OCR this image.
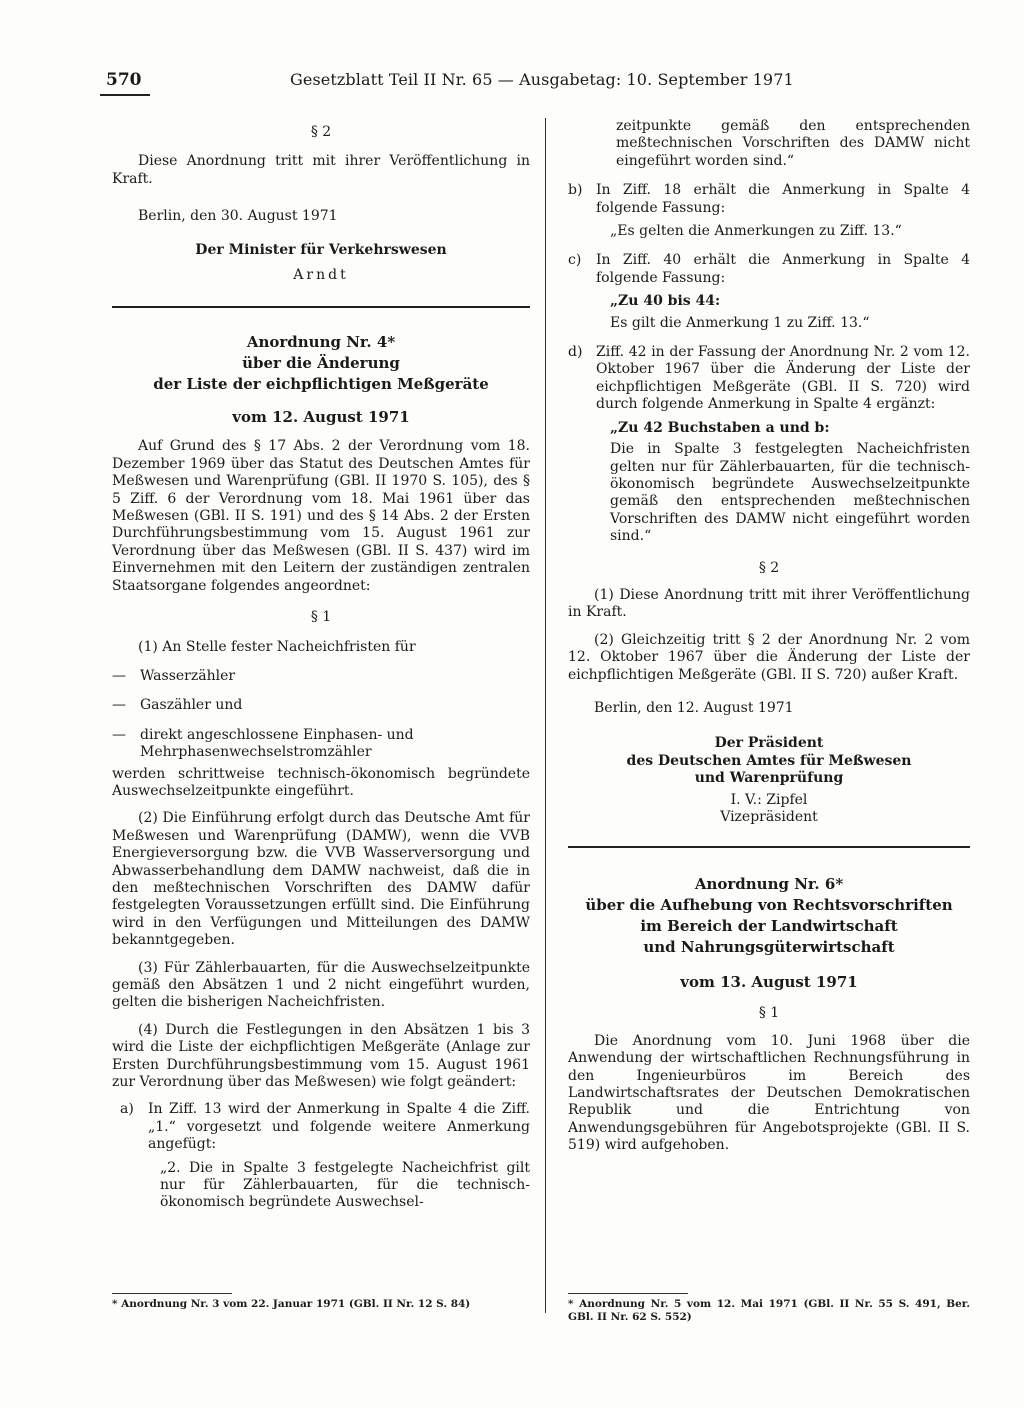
570	Gesetzblatt Teil II Nr. 65 — Ausgabetag: 10. September 1971

§ 2

Diese Anordnung tritt mit ihrer Veröffentlichung in Kraft.

Berlin, den 30. August 1971

Der Minister für Verkehrswesen

Arndt

Anordnung Nr. 4*
über die Änderung
der Liste der eichpflichtigen Meßgeräte
vom 12. August 1971

Auf Grund des § 17 Abs. 2 der Verordnung vom 18. Dezember 1969 über das Statut des Deutschen Amtes für Meßwesen und Warenprüfung (GBl. II 1970 S. 105), des § 5 Ziff. 6 der Verordnung vom 18. Mai 1961 über das Meßwesen (GBl. II S. 191) und des § 14 Abs. 2 der Ersten Durchführungsbestimmung vom 15. August 1961 zur Verordnung über das Meßwesen (GBl. II S. 437) wird im Einvernehmen mit den Leitern der zuständigen zentralen Staatsorgane folgendes angeordnet:

§ 1

(1) An Stelle fester Nacheichfristen für

—	Wasserzähler
—	Gaszähler und
—	direkt angeschlossene Einphasen- und Mehrphasenwechselstromzähler

werden schrittweise technisch-ökonomisch begründete Auswechselzeitpunkte eingeführt.

(2) Die Einführung erfolgt durch das Deutsche Amt für Meßwesen und Warenprüfung (DAMW), wenn die VVB Energieversorgung bzw. die VVB Wasserversorgung und Abwasserbehandlung dem DAMW nachweist, daß die in den meßtechnischen Vorschriften des DAMW dafür festgelegten Voraussetzungen erfüllt sind. Die Einführung wird in den Verfügungen und Mitteilungen des DAMW bekanntgegeben.

(3) Für Zählerbauarten, für die Auswechselzeitpunkte gemäß den Absätzen 1 und 2 nicht eingeführt wurden, gelten die bisherigen Nacheichfristen.

(4) Durch die Festlegungen in den Absätzen 1 bis 3 wird die Liste der eichpflichtigen Meßgeräte (Anlage zur Ersten Durchführungsbestimmung vom 15. August 1961 zur Verordnung über das Meßwesen) wie folgt geändert:

a)	In Ziff. 13 wird der Anmerkung in Spalte 4 die Ziff. „1.“ vorgesetzt und folgende weitere Anmerkung angefügt:

„2. Die in Spalte 3 festgelegte Nacheichfrist gilt nur für Zählerbauarten, für die technisch-ökonomisch begründete Auswechsel-

* Anordnung Nr. 3 vom 22. Januar 1971 (GBl. II Nr. 12 S. 84)

zeitpunkte gemäß den entsprechenden meßtechnischen Vorschriften des DAMW nicht eingeführt worden sind.“

b) In Ziff. 18 erhält die Anmerkung in Spalte 4 folgende Fassung:

„Es gelten die Anmerkungen zu Ziff. 13.“

c)	In Ziff. 40 erhält die Anmerkung in Spalte 4 folgende Fassung:

„Zu 40 bis 44:

Es gilt die Anmerkung 1 zu Ziff. 13.“

d) Ziff. 42 in der Fassung der Anordnung Nr. 2 vom 12. Oktober 1967 über die Änderung der Liste der eichpflichtigen Meßgeräte (GBl. II S. 720) wird durch folgende Anmerkung in Spalte 4 ergänzt:

„Zu 42 Buchstaben a und b:

Die in Spalte 3 festgelegten Nacheichfristen gelten nur für Zählerbauarten, für die technisch-ökonomisch begründete Auswechselzeitpunkte gemäß den entsprechenden meßtechnischen Vorschriften des DAMW nicht eingeführt worden sind.“

§ 2

(1) Diese Anordnung tritt mit ihrer Veröffentlichung in Kraft.

(2) Gleichzeitig tritt § 2 der Anordnung Nr. 2 vom 12. Oktober 1967 über die Änderung der Liste der eichpflichtigen Meßgeräte (GBl. II S. 720) außer Kraft.

Berlin, den 12. August 1971

Der Präsident

des Deutschen Amtes für Meßwesen

und Warenprüfung

I. V.: Zipfel

Vizepräsident

Anordnung Nr. 6*
über die Aufhebung von Rechtsvorschriften
im Bereich der Landwirtschaft
und Nahrungsgüterwirtschaft
vom 13. August 1971

§ 1

Die Anordnung vom 10. Juni 1968 über die Anwendung der wirtschaftlichen Rechnungsführung in den Ingenieurbüros im Bereich des Landwirtschaftsrates der Deutschen Demokratischen Republik und die Entrichtung von Anwendungsgebühren für Angebotsprojekte (GBl. II S. 519) wird aufgehoben.

* Anordnung Nr. 5 vom 12. Mai 1971 (GBl. II Nr. 55 S. 491, Ber. GBl. II Nr. 62 S. 552)
